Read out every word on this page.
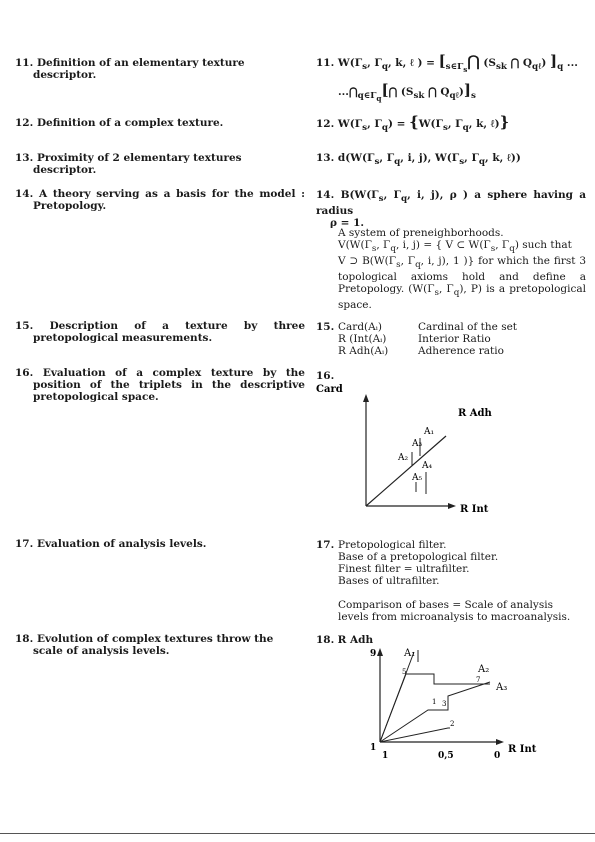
11. Definition of an elementary texture descriptor.
12. Definition of a complex texture.
13. Proximity of 2 elementary textures descriptor.
14. A theory serving as a basis for the model : Pretopology.
15. Description of a texture by three pretopological measurements.
16. Evaluation of a complex texture by the position of the triplets in the descriptive pretopological space.
17. Evaluation of analysis levels.
18. Evolution of complex textures throw the scale of analysis levels.
11. $W(\Gamma_s$, $\Gamma_q$, k, ℓ ) = [$_{s\in\Gamma_s}⋂$ ($S_{sk}$ ⋂ $Q_{q\ell}$) ]$_q$ ...
$...⋂_{q\in\Gamma_q}[⋂$ ($S_{sk}$ ⋂ $Q_{q\ell})]_s$
12. $W(\Gamma_s$, $\Gamma_q) = \{W(\Gamma_s$, $\Gamma_q$, k, ℓ)}
13. $d(W(\Gamma_s$, $\Gamma_q$, i, j), $W(\Gamma_s$, $\Gamma_q$, k, ℓ))
14. $B(W(\Gamma_s$, $\Gamma_q$, i, j), ρ ) a sphere having a radius
ρ = 1.
A system of preneighborhoods.
$V(W(\Gamma_s$, $\Gamma_q$, i, j) = { V ⊂ $W(\Gamma_s$, $\Gamma_q$) such that
V ⊃ $B(W(\Gamma_s$, $\Gamma_q$, i, j), 1 )} for which the first 3 topological axioms hold and define a Pretopology. ($W(\Gamma_s$, $\Gamma_q$), P) is a pretopological space.
15. Card(Aᵢ)	Cardinal of the set
R (Int(Aᵢ)	Interior Ratio
R Adh(Aᵢ)	Adherence ratio
16.
Card
R Adh
R Int
A₁
A₂
A₃
A₄
A₅
17. Pretopological filter.
Base of a pretopological filter.
Finest filter = ultrafilter.
Bases of ultrafilter.
Comparison of bases = Scale of analysis levels from microanalysis to macroanalysis.
18. R Adh
9
5
7
3
1
2
1
1	0,5	0
R Int
A₁
A₂
A₃
